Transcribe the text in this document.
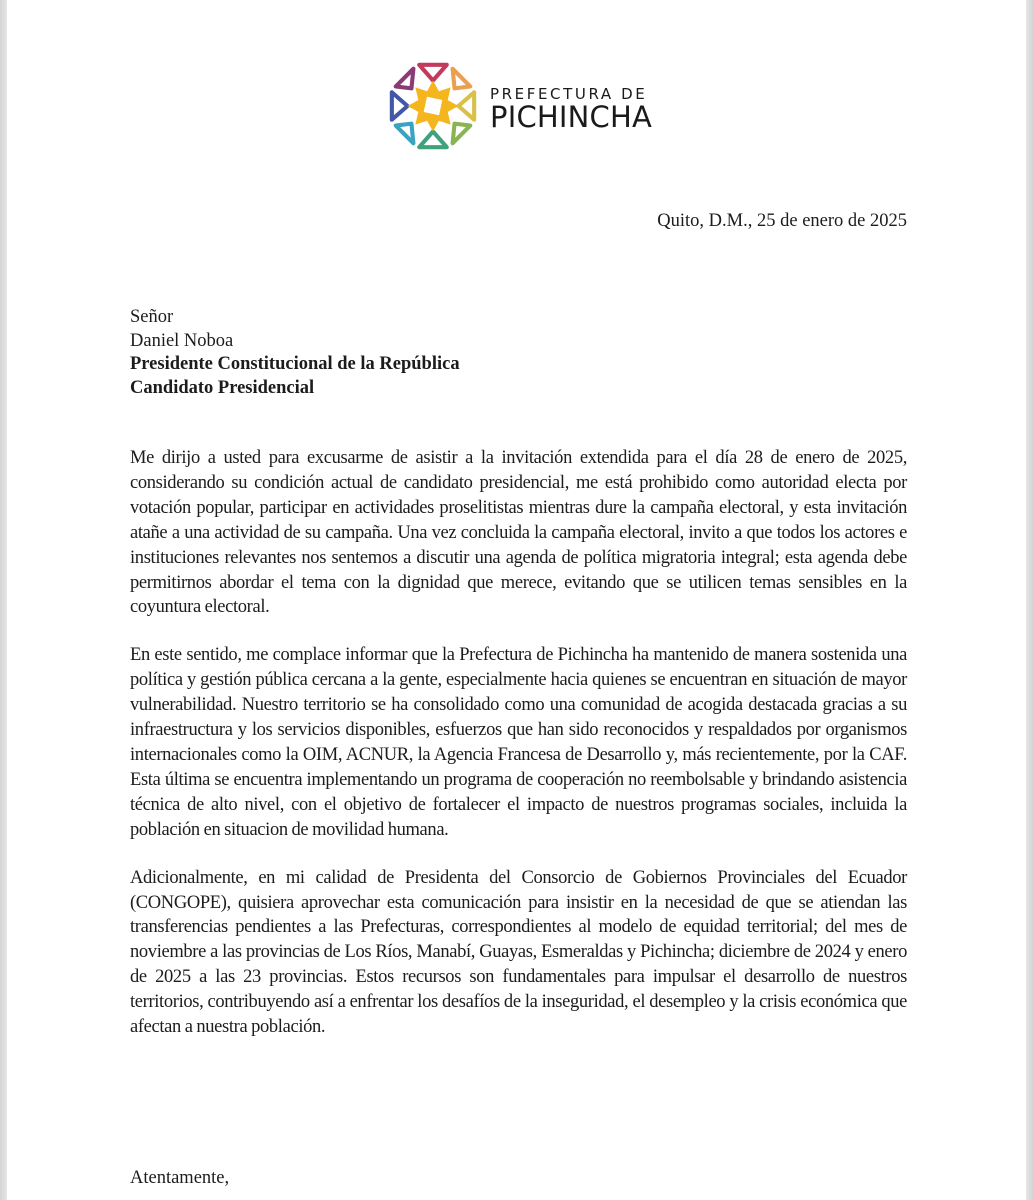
PREFECTURA DE
PICHINCHA
Quito, D.M., 25 de enero de 2025
Señor
Daniel Noboa
Presidente Constitucional de la República
Candidato Presidencial

Me dirijo a usted para excusarme de asistir a la invitación extendida para el día 28 de enero de 2025, considerando su condición actual de candidato presidencial, me está prohibido como autoridad electa por votación popular, participar en actividades proselitistas mientras dure la campaña electoral, y esta invitación atañe a una actividad de su campaña. Una vez concluida la campaña electoral, invito a que todos los actores e instituciones relevantes nos sentemos a discutir una agenda de política migratoria integral; esta agenda debe permitirnos abordar el tema con la dignidad que merece, evitando que se utilicen temas sensibles en la coyuntura electoral.

En este sentido, me complace informar que la Prefectura de Pichincha ha mantenido de manera sostenida una política y gestión pública cercana a la gente, especialmente hacia quienes se encuentran en situación de mayor vulnerabilidad. Nuestro territorio se ha consolidado como una comunidad de acogida destacada gracias a su infraestructura y los servicios disponibles, esfuerzos que han sido reconocidos y respaldados por organismos internacionales como la OIM, ACNUR, la Agencia Francesa de Desarrollo y, más recientemente, por la CAF. Esta última se encuentra implementando un programa de cooperación no reembolsable y brindando asistencia técnica de alto nivel, con el objetivo de fortalecer el impacto de nuestros programas sociales, incluida la población en situacion de movilidad humana.

Adicionalmente, en mi calidad de Presidenta del Consorcio de Gobiernos Provinciales del Ecuador (CONGOPE), quisiera aprovechar esta comunicación para insistir en la necesidad de que se atiendan las transferencias pendientes a las Prefecturas, correspondientes al modelo de equidad territorial; del mes de noviembre a las provincias de Los Ríos, Manabí, Guayas, Esmeraldas y Pichincha; diciembre de 2024 y enero de 2025 a las 23 provincias. Estos recursos son fundamentales para impulsar el desarrollo de nuestros territorios, contribuyendo así a enfrentar los desafíos de la inseguridad, el desempleo y la crisis económica que afectan a nuestra población.

Atentamente,
